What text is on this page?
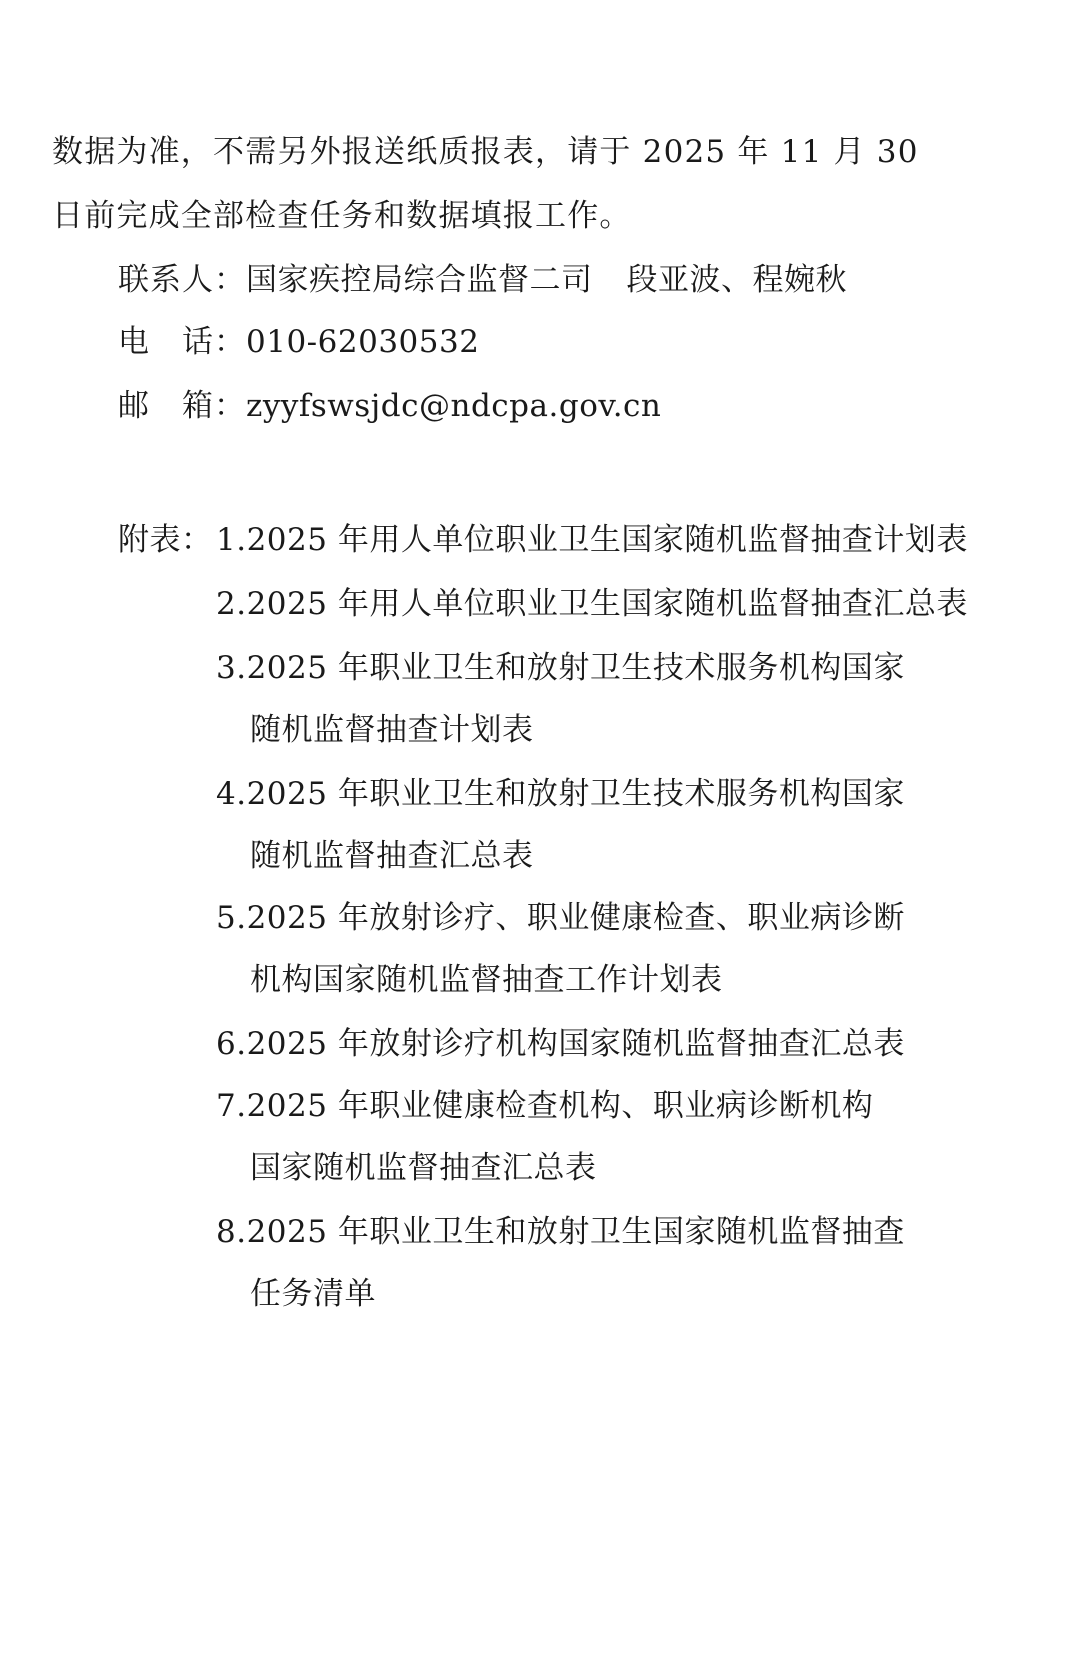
数据为准，不需另外报送纸质报表，请于 2025 年 11 月 30
日前完成全部检查任务和数据填报工作。
联系人：国家疾控局综合监督二司 段亚波、程婉秋
电　话：010-62030532
邮　箱：zyyfswsjdc@ndcpa.gov.cn
附表： 1.2025 年用人单位职业卫生国家随机监督抽查计划表
2.2025 年用人单位职业卫生国家随机监督抽查汇总表
3.2025 年职业卫生和放射卫生技术服务机构国家
随机监督抽查计划表
4.2025 年职业卫生和放射卫生技术服务机构国家
随机监督抽查汇总表
5.2025 年放射诊疗、职业健康检查、职业病诊断
机构国家随机监督抽查工作计划表
6.2025 年放射诊疗机构国家随机监督抽查汇总表
7.2025 年职业健康检查机构、职业病诊断机构
国家随机监督抽查汇总表
8.2025 年职业卫生和放射卫生国家随机监督抽查
任务清单
